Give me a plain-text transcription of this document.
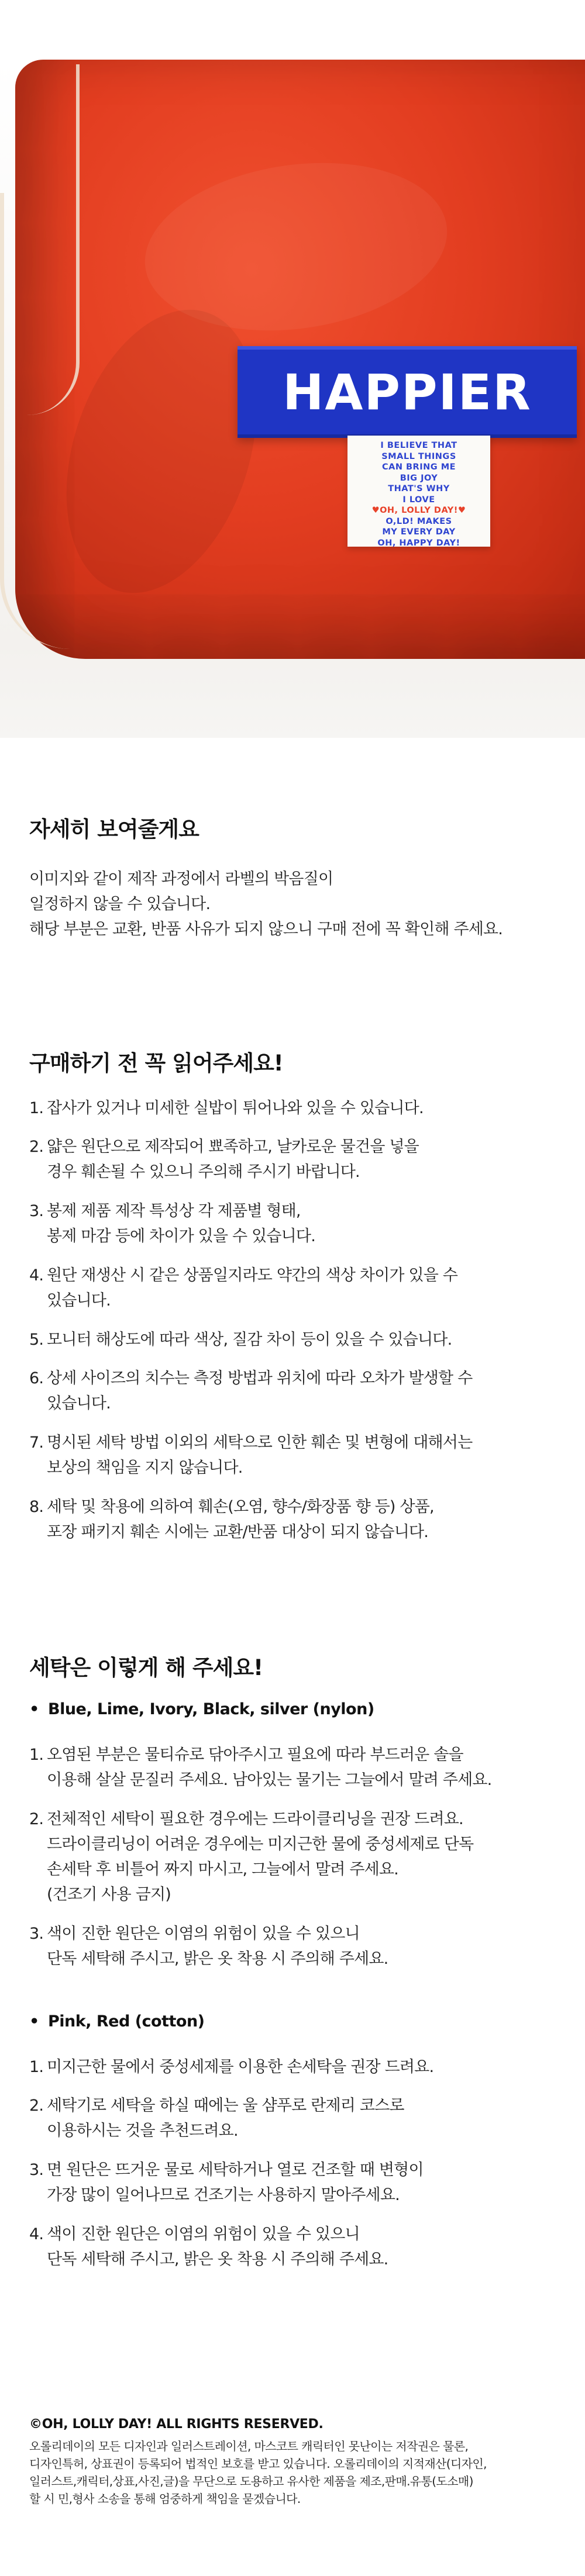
HAPPIER
I BELIEVE THAT
SMALL THINGS
CAN BRING ME
BIG JOY
THAT'S WHY
I LOVE
♥OH, LOLLY DAY!♥
O,LD! MAKES
MY EVERY DAY
OH, HAPPY DAY!
자세히 보여줄게요

이미지와 같이 제작 과정에서 라벨의 박음질이
일정하지 않을 수 있습니다.
해당 부분은 교환, 반품 사유가 되지 않으니 구매 전에 꼭 확인해 주세요.

구매하기 전 꼭 읽어주세요!
1. 잡사가 있거나 미세한 실밥이 튀어나와 있을 수 있습니다.
2. 얇은 원단으로 제작되어 뾰족하고, 날카로운 물건을 넣을
경우 훼손될 수 있으니 주의해 주시기 바랍니다.
3. 봉제 제품 제작 특성상 각 제품별 형태,
봉제 마감 등에 차이가 있을 수 있습니다.
4. 원단 재생산 시 같은 상품일지라도 약간의 색상 차이가 있을 수
있습니다.
5. 모니터 해상도에 따라 색상, 질감 차이 등이 있을 수 있습니다.
6. 상세 사이즈의 치수는 측정 방법과 위치에 따라 오차가 발생할 수
있습니다.
7. 명시된 세탁 방법 이외의 세탁으로 인한 훼손 및 변형에 대해서는
보상의 책임을 지지 않습니다.
8. 세탁 및 착용에 의하여 훼손(오염, 향수/화장품 향 등) 상품,
포장 패키지 훼손 시에는 교환/반품 대상이 되지 않습니다.
세탁은 이렇게 해 주세요!
• Blue, Lime, Ivory, Black, silver (nylon)
1. 오염된 부분은 물티슈로 닦아주시고 필요에 따라 부드러운 솔을
이용해 살살 문질러 주세요. 남아있는 물기는 그늘에서 말려 주세요.
2. 전체적인 세탁이 필요한 경우에는 드라이클리닝을 권장 드려요.
드라이클리닝이 어려운 경우에는 미지근한 물에 중성세제로 단독
손세탁 후 비틀어 짜지 마시고, 그늘에서 말려 주세요.
(건조기 사용 금지)
3. 색이 진한 원단은 이염의 위험이 있을 수 있으니
단독 세탁해 주시고, 밝은 옷 착용 시 주의해 주세요.
• Pink, Red (cotton)
1. 미지근한 물에서 중성세제를 이용한 손세탁을 권장 드려요.
2. 세탁기로 세탁을 하실 때에는 울 샴푸로 란제리 코스로
이용하시는 것을 추천드려요.
3. 면 원단은 뜨거운 물로 세탁하거나 열로 건조할 때 변형이
가장 많이 일어나므로 건조기는 사용하지 말아주세요.
4. 색이 진한 원단은 이염의 위험이 있을 수 있으니
단독 세탁해 주시고, 밝은 옷 착용 시 주의해 주세요.
©OH, LOLLY DAY! ALL RIGHTS RESERVED.
오롤리데이의 모든 디자인과 일러스트레이션, 마스코트 캐릭터인 못난이는 저작권은 물론,
디자인특허, 상표권이 등록되어 법적인 보호를 받고 있습니다. 오롤리데이의 지적재산(디자인,
일러스트,캐릭터,상표,사진,글)을 무단으로 도용하고 유사한 제품을 제조,판매.유통(도소매)
할 시 민,형사 소송을 통해 엄중하게 책임을 묻겠습니다.
